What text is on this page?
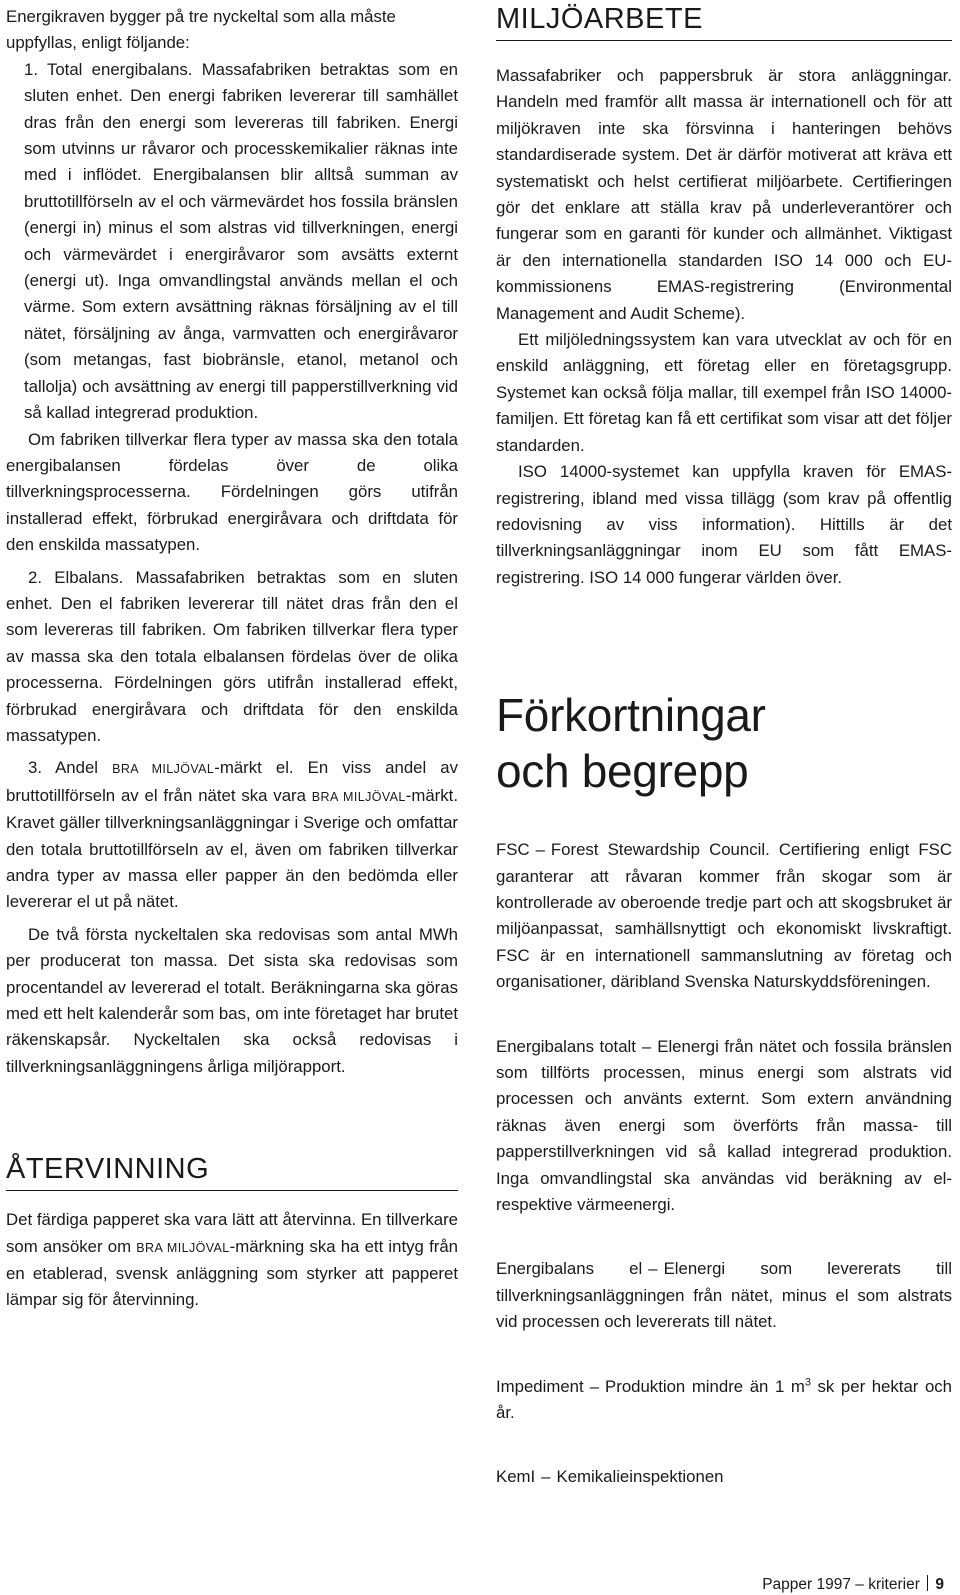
Energikraven bygger på tre nyckeltal som alla måste uppfyllas, enligt följande:

1. Total energibalans. Massafabriken betraktas som en sluten enhet. Den energi fabriken levererar till samhället dras från den energi som levereras till fabriken. Energi som utvinns ur råvaror och processkemikalier räknas inte med i inflödet. Energibalansen blir alltså summan av bruttotillförseln av el och värmevärdet hos fossila bränslen (energi in) minus el som alstras vid tillverkningen, energi och värmevärdet i energiråvaror som avsätts externt (energi ut). Inga omvandlingstal används mellan el och värme. Som extern avsättning räknas försäljning av el till nätet, försäljning av ånga, varmvatten och energiråvaror (som metangas, fast biobränsle, etanol, metanol och tallolja) och avsättning av energi till papperstillverkning vid så kallad integrerad produktion.

Om fabriken tillverkar flera typer av massa ska den totala energibalansen fördelas över de olika tillverkningsprocesserna. Fördelningen görs utifrån installerad effekt, förbrukad energiråvara och driftdata för den enskilda massatypen.

2. Elbalans. Massafabriken betraktas som en sluten enhet. Den el fabriken levererar till nätet dras från den el som levereras till fabriken. Om fabriken tillverkar flera typer av massa ska den totala elbalansen fördelas över de olika processerna. Fördelningen görs utifrån installerad effekt, förbrukad energiråvara och driftdata för den enskilda massatypen.

3. Andel BRA MILJÖVAL-märkt el. En viss andel av bruttotillförseln av el från nätet ska vara BRA MILJÖVAL-märkt. Kravet gäller tillverkningsanläggningar i Sverige och omfattar den totala bruttotillförseln av el, även om fabriken tillverkar andra typer av massa eller papper än den bedömda eller levererar el ut på nätet.

De två första nyckeltalen ska redovisas som antal MWh per producerat ton massa. Det sista ska redovisas som procentandel av levererad el totalt. Beräkningarna ska göras med ett helt kalenderår som bas, om inte företaget har brutet räkenskapsår. Nyckeltalen ska också redovisas i tillverkningsanläggningens årliga miljörapport.

ÅTERVINNING

Det färdiga papperet ska vara lätt att återvinna. En tillverkare som ansöker om BRA MILJÖVAL-märkning ska ha ett intyg från en etablerad, svensk anläggning som styrker att papperet lämpar sig för återvinning.

MILJÖARBETE

Massafabriker och pappersbruk är stora anläggningar. Handeln med framför allt massa är internationell och för att miljökraven inte ska försvinna i hanteringen behövs standardiserade system. Det är därför motiverat att kräva ett systematiskt och helst certifierat miljöarbete. Certifieringen gör det enklare att ställa krav på underleverantörer och fungerar som en garanti för kunder och allmänhet. Viktigast är den internationella standarden ISO 14 000 och EU-kommissionens EMAS-registrering (Environmental Management and Audit Scheme).

Ett miljöledningssystem kan vara utvecklat av och för en enskild anläggning, ett företag eller en företagsgrupp. Systemet kan också följa mallar, till exempel från ISO 14000-familjen. Ett företag kan få ett certifikat som visar att det följer standarden.

ISO 14000-systemet kan uppfylla kraven för EMAS-registrering, ibland med vissa tillägg (som krav på offentlig redovisning av viss information). Hittills är det tillverkningsanläggningar inom EU som fått EMAS-registrering. ISO 14 000 fungerar världen över.

Förkortningar
och begrepp

FSC – Forest Stewardship Council. Certifiering enligt FSC garanterar att råvaran kommer från skogar som är kontrollerade av oberoende tredje part och att skogsbruket är miljöanpassat, samhällsnyttigt och ekonomiskt livskraftigt. FSC är en internationell sammanslutning av företag och organisationer, däribland Svenska Naturskyddsföreningen.

Energibalans totalt – Elenergi från nätet och fossila bränslen som tillförts processen, minus energi som alstrats vid processen och använts externt. Som extern användning räknas även energi som överförts från massa- till papperstillverkningen vid så kallad integrerad produktion. Inga omvandlingstal ska användas vid beräkning av el- respektive värmeenergi.

Energibalans el – Elenergi som levererats till tillverkningsanläggningen från nätet, minus el som alstrats vid processen och levererats till nätet.

Impediment – Produktion mindre än 1 $m^3$ sk per hektar och år.

KemI – Kemikalieinspektionen

Papper 1997 – kriterier 9
